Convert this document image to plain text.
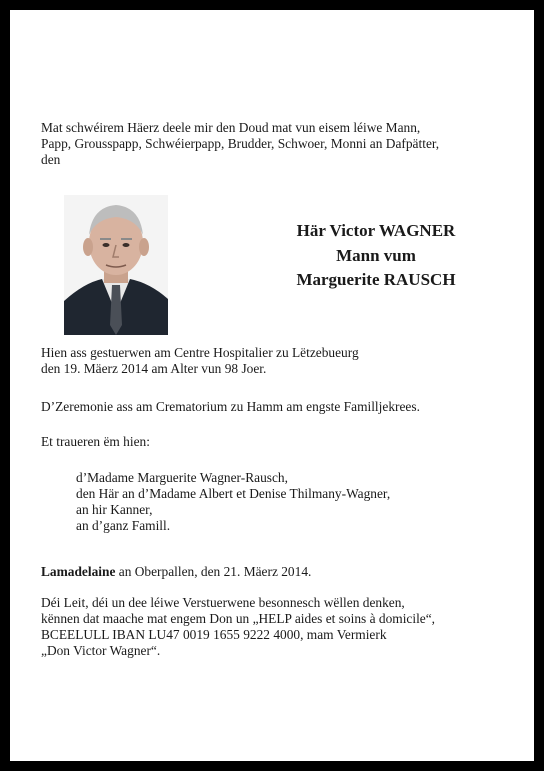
Mat schwéirem Häerz deele mir den Doud mat vun eisem léiwe Mann,
Papp, Grousspapp, Schwéierpapp, Brudder, Schwoer, Monni an Dafpätter,
den
Här Victor WAGNER
Mann vum
Marguerite RAUSCH
Hien ass gestuerwen am Centre Hospitalier zu Lëtzebueurg
den 19. Mäerz 2014 am Alter vun 98 Joer.
D’Zeremonie ass am Crematorium zu Hamm am engste Familljekrees.
Et traueren ëm hien:
d’Madame Marguerite Wagner-Rausch,
den Här an d’Madame Albert et Denise Thilmany-Wagner,
an hir Kanner,
an d’ganz Famill.
Lamadelaine an Oberpallen, den 21. Mäerz 2014.
Déi Leit, déi un dee léiwe Verstuerwene besonnesch wëllen denken,
kënnen dat maache mat engem Don un „HELP aides et soins à domicile“,
BCEELULL IBAN LU47 0019 1655 9222 4000, mam Vermierk
„Don Victor Wagner“.
